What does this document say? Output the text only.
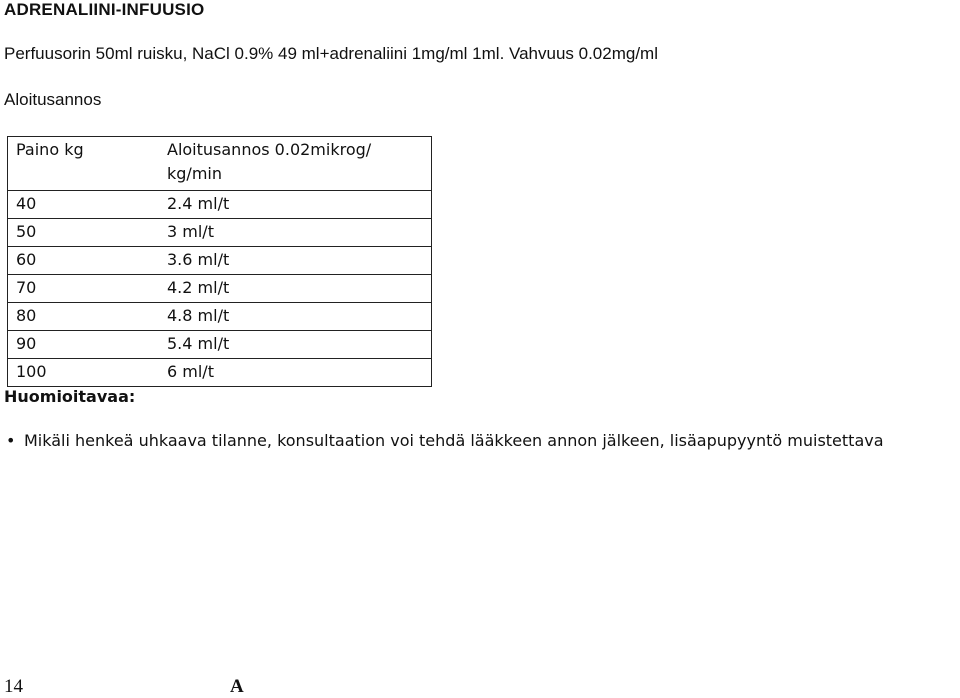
ADRENALIINI-INFUUSIO
Perfuusorin 50ml ruisku, NaCl 0.9% 49 ml+adrenaliini 1mg/ml 1ml. Vahvuus 0.02mg/ml
Aloitusannos
Paino kg	Aloitusannos 0.02mikrog/
kg/min
40	2.4 ml/t
50	3 ml/t
60	3.6 ml/t
70	4.2 ml/t
80	4.8 ml/t
90	5.4 ml/t
100	6 ml/t
Huomioitavaa:
• Mikäli henkeä uhkaava tilanne, konsultaation voi tehdä lääkkeen annon jälkeen, lisäapupyyntö muistettava
14	A
